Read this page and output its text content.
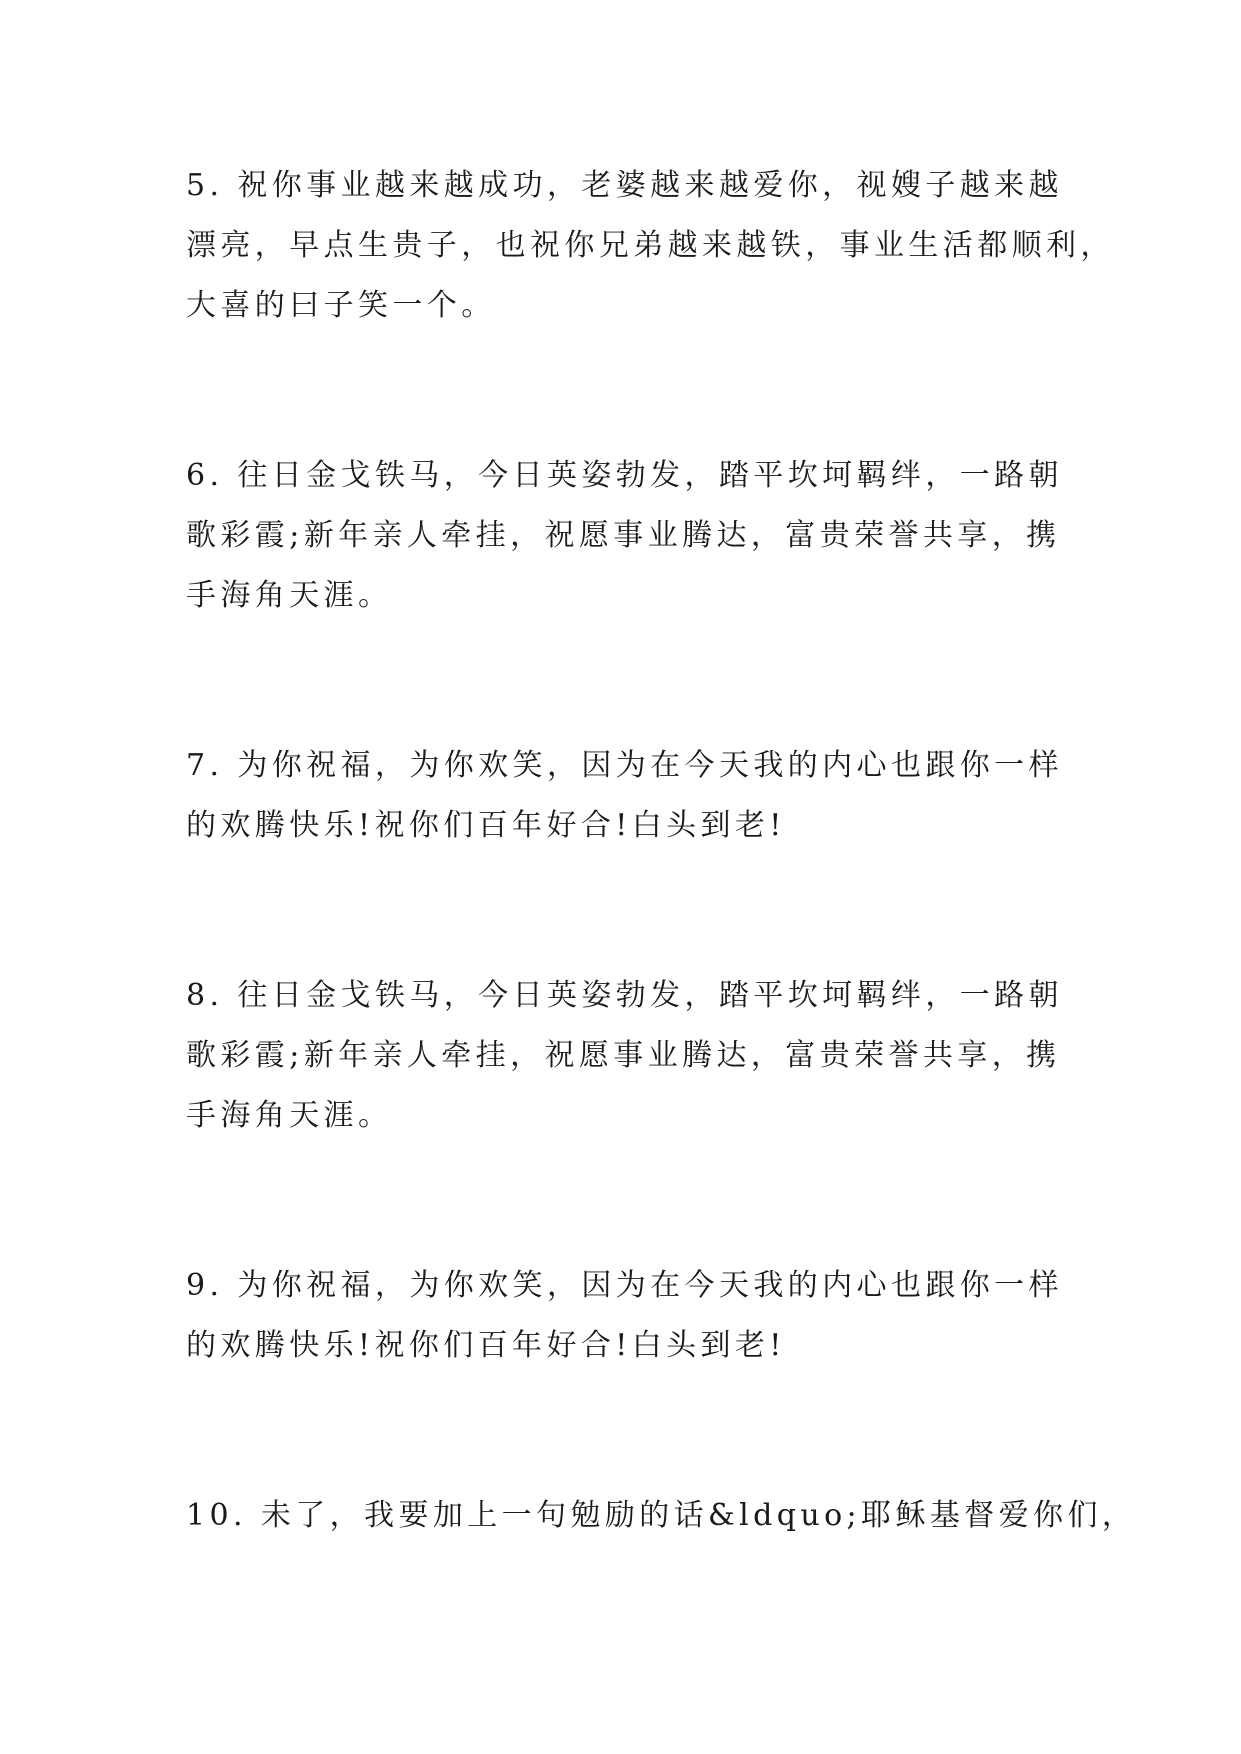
5. 祝你事业越来越成功，老婆越来越爱你，视嫂子越来越
漂亮，早点生贵子，也祝你兄弟越来越铁，事业生活都顺利，
大喜的曰子笑一个。
6. 往日金戈铁马，今日英姿勃发，踏平坎坷羁绊，一路朝
歌彩霞;新年亲人牵挂，祝愿事业腾达，富贵荣誉共享，携
手海角天涯。
7. 为你祝福，为你欢笑，因为在今天我的内心也跟你一样
的欢腾快乐!祝你们百年好合!白头到老!
8. 往日金戈铁马，今日英姿勃发，踏平坎坷羁绊，一路朝
歌彩霞;新年亲人牵挂，祝愿事业腾达，富贵荣誉共享，携
手海角天涯。
9. 为你祝福，为你欢笑，因为在今天我的内心也跟你一样
的欢腾快乐!祝你们百年好合!白头到老!
10. 未了，我要加上一句勉励的话&ldquo;耶稣基督爱你们，
